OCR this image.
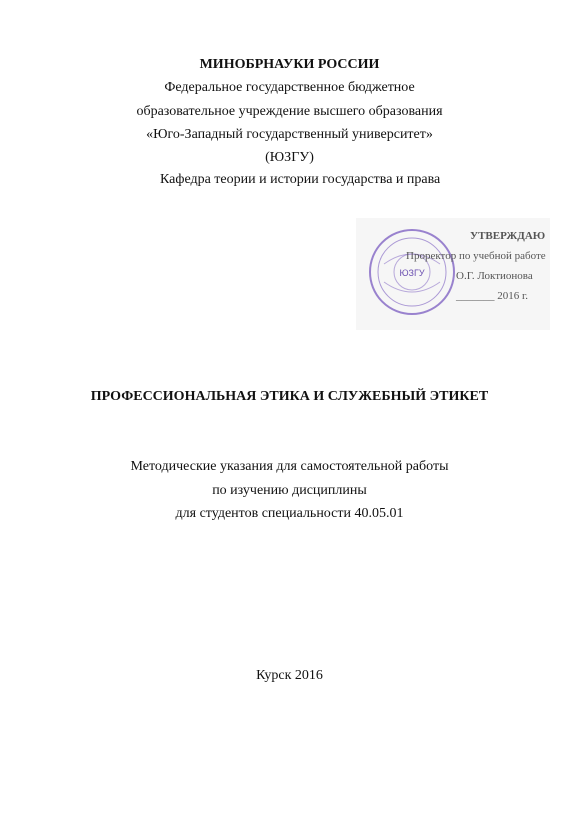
МИНОБРНАУКИ РОССИИ
Федеральное государственное бюджетное
образовательное учреждение высшего образования
«Юго-Западный государственный университет»
(ЮЗГУ)
Кафедра теории и истории государства и права
ЮЗГУ
УТВЕРЖДАЮ
Проректор по учебной работе
О.Г. Локтионова
_______ 2016 г.
ПРОФЕССИОНАЛЬНАЯ ЭТИКА И СЛУЖЕБНЫЙ ЭТИКЕТ
Методические указания для самостоятельной работы
по изучению дисциплины
для студентов специальности 40.05.01
Курск 2016
